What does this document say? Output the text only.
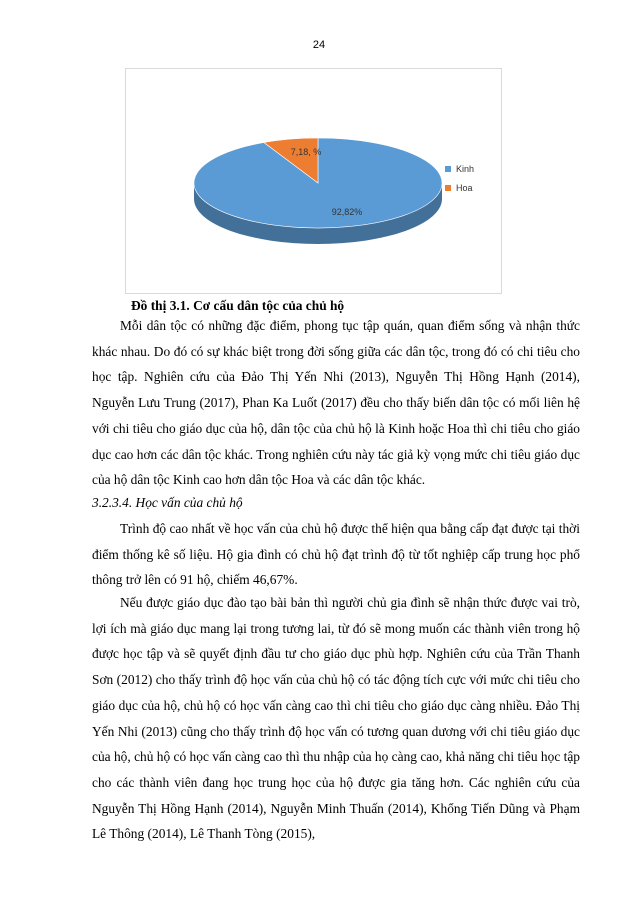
24
7,18, %
92,82%
Kinh
Hoa
Đồ thị 3.1. Cơ cấu dân tộc của chủ hộ

Mỗi dân tộc có những đặc điểm, phong tục tập quán, quan điểm sống và nhận thức khác nhau. Do đó có sự khác biệt trong đời sống giữa các dân tộc, trong đó có chi tiêu cho học tập. Nghiên cứu của Đảo Thị Yến Nhi (2013), Nguyễn Thị Hồng Hạnh (2014), Nguyễn Lưu Trung (2017), Phan Ka Luốt (2017) đều cho thấy biến dân tộc có mối liên hệ với chi tiêu cho giáo dục của hộ, dân tộc của chủ hộ là Kinh hoặc Hoa thì chi tiêu cho giáo dục cao hơn các dân tộc khác. Trong nghiên cứu này tác giả kỳ vọng mức chi tiêu giáo dục của hộ dân tộc Kinh cao hơn dân tộc Hoa và các dân tộc khác.

3.2.3.4. Học vấn của chủ hộ

Trình độ cao nhất về học vấn của chủ hộ được thể hiện qua bằng cấp đạt được tại thời điểm thống kê số liệu. Hộ gia đình có chủ hộ đạt trình độ từ tốt nghiệp cấp trung học phổ thông trở lên có 91 hộ, chiếm 46,67%.

Nếu được giáo dục đào tạo bài bản thì người chủ gia đình sẽ nhận thức được vai trò, lợi ích mà giáo dục mang lại trong tương lai, từ đó sẽ mong muốn các thành viên trong hộ được học tập và sẽ quyết định đầu tư cho giáo dục phù hợp. Nghiên cứu của Trần Thanh Sơn (2012) cho thấy trình độ học vấn của chủ hộ có tác động tích cực với mức chi tiêu cho giáo dục của hộ, chủ hộ có học vấn càng cao thì chi tiêu cho giáo dục càng nhiều. Đảo Thị Yến Nhi (2013) cũng cho thấy trình độ học vấn có tương quan dương với chi tiêu giáo dục của hộ, chủ hộ có học vấn càng cao thì thu nhập của họ càng cao, khả năng chi tiêu học tập cho các thành viên đang học trung học của hộ được gia tăng hơn. Các nghiên cứu của Nguyễn Thị Hồng Hạnh (2014), Nguyễn Minh Thuấn (2014), Khổng Tiến Dũng và Phạm Lê Thông (2014), Lê Thanh Tòng (2015),
